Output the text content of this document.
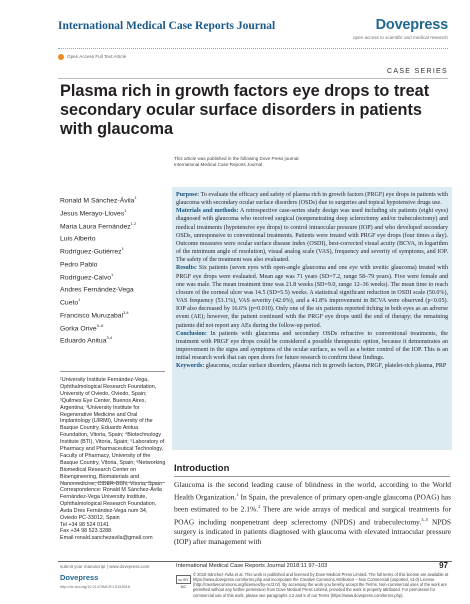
International Medical Case Reports Journal	Dovepress
open access to scientific and medical research
Open Access Full Text Article
CASE SERIES
Plasma rich in growth factors eye drops to treat secondary ocular surface disorders in patients with glaucoma
This article was published in the following Dove Press journal:
International Medical Case Reports Journal
Ronald M Sánchez-Ávila$^1$
Jesus Merayo-Lloves$^1$
Maria Laura Fernández$^{1,2}$
Luis Alberto
Rodríguez-Gutiérrez$^1$
Pedro Pablo
Rodríguez-Calvo$^1$
Andres Fernández-Vega
Cueto$^1$
Francisco Muruzabal$^{3,4}$
Gorka Orive$^{3-6}$
Eduardo Anitua$^{3,4}$
¹University Institute Fernández-Vega, Ophthalmological Research Foundation, University of Oviedo, Oviedo, Spain; ²Quilmes Eye Center, Buenos Aires, Argentina; ³University Institute for Regenerative Medicine and Oral Implantology (UIRMI), University of the Basque Country, Eduardo Anitua Foundation, Vitoria, Spain; ⁴Biotechnology Institute (BTI), Vitoria, Spain; ⁵Laboratory of Pharmacy and Pharmaceutical Technology, Faculty of Pharmacy, University of the Basque Country, Vitoria, Spain; ⁶Networking Biomedical Research Center on Bioengineering, Biomaterials and Nanomedicine, CIBER-BBN, Vitoria, Spain
Correspondence: Ronald M Sánchez-Ávila
Fernández-Vega University Institute,
Ophthalmological Research Foundation,
Avda Dres Fernández-Vega num 34,
Oviedo PC-33012, Spain
Tel +34 98 524 0141
Fax +34 98 523 3288
Email ronald.sanchezavila@gmail.com
Purpose: To evaluate the efficacy and safety of plasma rich in growth factors (PRGF) eye drops in patients with glaucoma with secondary ocular surface disorders (OSDs) due to surgeries and topical hypotensive drugs use.
Materials and methods: A retrospective case-series study design was used including six patients (eight eyes) diagnosed with glaucoma who received surgical (nonpenetrating deep sclerectomy and/or trabeculectomy) and medical treatments (hypotensive eye drops) to control intraocular pressure (IOP) and who developed secondary OSDs, unresponsive to conventional treatments. Patients were treated with PRGF eye drops (four times a day). Outcome measures were ocular surface disease index (OSDI), best-corrected visual acuity (BCVA, in logarithm of the minimum angle of resolution), visual analog scale (VAS), frequency and severity of symptoms, and IOP. The safety of the treatment was also evaluated.
Results: Six patients (seven eyes with open-angle glaucoma and one eye with uveitic glaucoma) treated with PRGF eye drops were evaluated. Mean age was 71 years (SD=7.2, range 58–79 years). Five were female and one was male. The mean treatment time was 21.8 weeks (SD=9.0, range 12–36 weeks). The mean time to reach closure of the corneal ulcer was 14.5 (SD=5.5) weeks. A statistical significant reduction in OSDI scale (50.6%), VAS frequency (53.1%), VAS severity (42.0%), and a 41.8% improvement in BCVA were observed (p<0.05). IOP also decreased by 16.6% (p=0.010). Only one of the six patients reported itching in both eyes as an adverse event (AE); however, the patient continued with the PRGF eye drops until the end of therapy; the remaining patients did not report any AEs during the follow-up period.
Conclusion: In patients with glaucoma and secondary OSDs refractive to conventional treatments, the treatment with PRGF eye drops could be considered a possible therapeutic option, because it demonstrates an improvement in the signs and symptoms of the ocular surface, as well as a better control of the IOP. This is an initial research work that can open doors for future research to confirm these findings.
Keywords: glaucoma, ocular surface disorders, plasma rich in growth factors, PRGF, platelet-rich plasma, PRP
Introduction
Glaucoma is the second leading cause of blindness in the world, according to the World Health Organization.$^1$ In Spain, the prevalence of primary open-angle glaucoma (POAG) has been estimated to be 2.1%.$^2$ There are wide arrays of medical and surgical treatments for POAG including nonpenetrant deep sclerectomy (NPDS) and trabeculectomy.$^{3-5}$ NPDS surgery is indicated in patients diagnosed with glaucoma with elevated intraocular pressure (IOP) after management with
submit your manuscript | www.dovepress.com	International Medical Case Reports Journal 2018:11 97–103	97
Dovepress
http://dx.doi.org/10.2147/IMCRJ.S153918
cc BY NC
© 2018 Sánchez-Ávila et al. This work is published and licensed by Dove Medical Press Limited. The full terms of this license are available at https://www.dovepress.com/terms.php and incorporate the Creative Commons Attribution – Non Commercial (unported, v3.0) License (http://creativecommons.org/licenses/by-nc/3.0/). By accessing the work you hereby accept the Terms. Non-commercial uses of the work are permitted without any further permission from Dove Medical Press Limited, provided the work is properly attributed. For permission for commercial use of this work, please see paragraphs 4.2 and 5 of our Terms (https://www.dovepress.com/terms.php).
